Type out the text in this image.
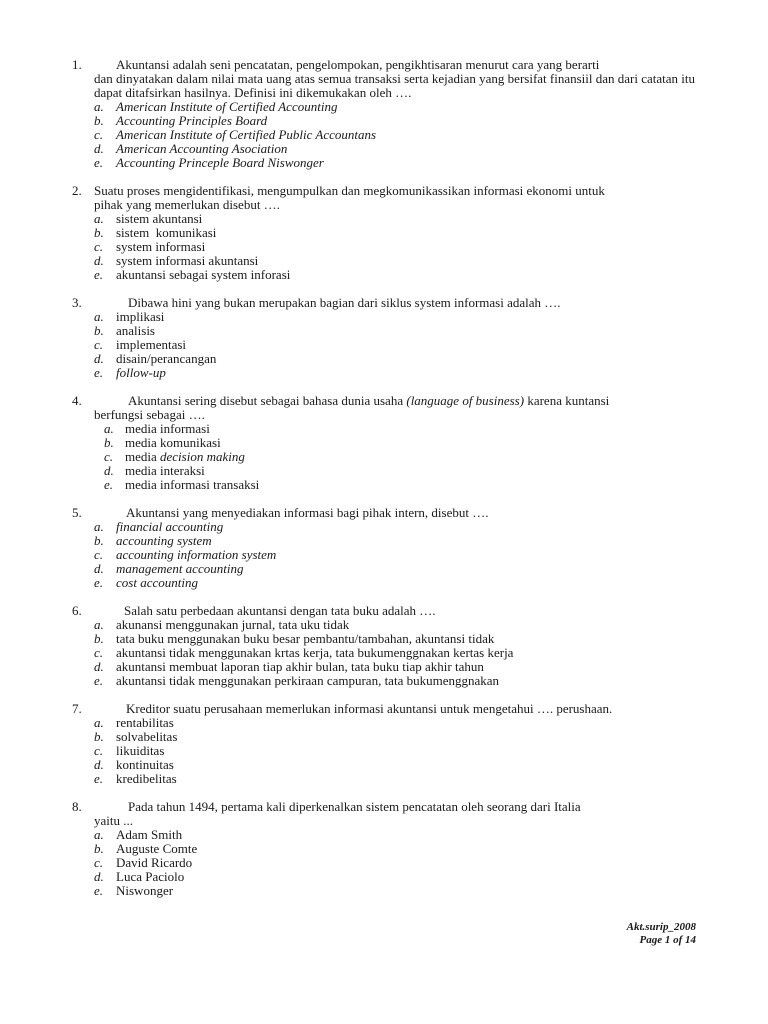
1.	Akuntansi adalah seni pencatatan, pengelompokan, pengikhtisaran menurut cara yang berarti
dan dinyatakan dalam nilai mata uang atas semua transaksi serta kejadian yang bersifat finansiil dan dari catatan itu dapat ditafsirkan hasilnya. Definisi ini dikemukakan oleh ….
a. American Institute of Certified Accounting
b. Accounting Principles Board
c. American Institute of Certified Public Accountans
d. American Accounting Asociation
e. Accounting Princeple Board Niswonger
2. Suatu proses mengidentifikasi, mengumpulkan dan megkomunikassikan informasi ekonomi untuk
pihak yang memerlukan disebut ….
a. sistem akuntansi
b. sistem  komunikasi
c. system informasi
d. system informasi akuntansi
e. akuntansi sebagai system inforasi
3.	Dibawa hini yang bukan merupakan bagian dari siklus system informasi adalah ….
a. implikasi
b. analisis
c. implementasi
d. disain/perancangan
e. follow-up
4.	Akuntansi sering disebut sebagai bahasa dunia usaha (language of business) karena kuntansi
berfungsi sebagai ….
a. media informasi
b. media komunikasi
c. media decision making
d. media interaksi
e. media informasi transaksi
5.	Akuntansi yang menyediakan informasi bagi pihak intern, disebut ….
a. financial accounting
b. accounting system
c. accounting information system
d. management accounting
e. cost accounting
6.	Salah satu perbedaan akuntansi dengan tata buku adalah ….
a. akunansi menggunakan jurnal, tata uku tidak
b. tata buku menggunakan buku besar pembantu/tambahan, akuntansi tidak
c. akuntansi tidak menggunakan krtas kerja, tata bukumenggnakan kertas kerja
d. akuntansi membuat laporan tiap akhir bulan, tata buku tiap akhir tahun
e. akuntansi tidak menggunakan perkiraan campuran, tata bukumenggnakan
7.	Kreditor suatu perusahaan memerlukan informasi akuntansi untuk mengetahui …. perushaan.
a. rentabilitas
b. solvabelitas
c. likuiditas
d. kontinuitas
e. kredibelitas
8.	Pada tahun 1494, pertama kali diperkenalkan sistem pencatatan oleh seorang dari Italia
yaitu ...
a. Adam Smith
b. Auguste Comte
c. David Ricardo
d. Luca Paciolo
e. Niswonger
Akt.surip_2008
Page 1 of 14
